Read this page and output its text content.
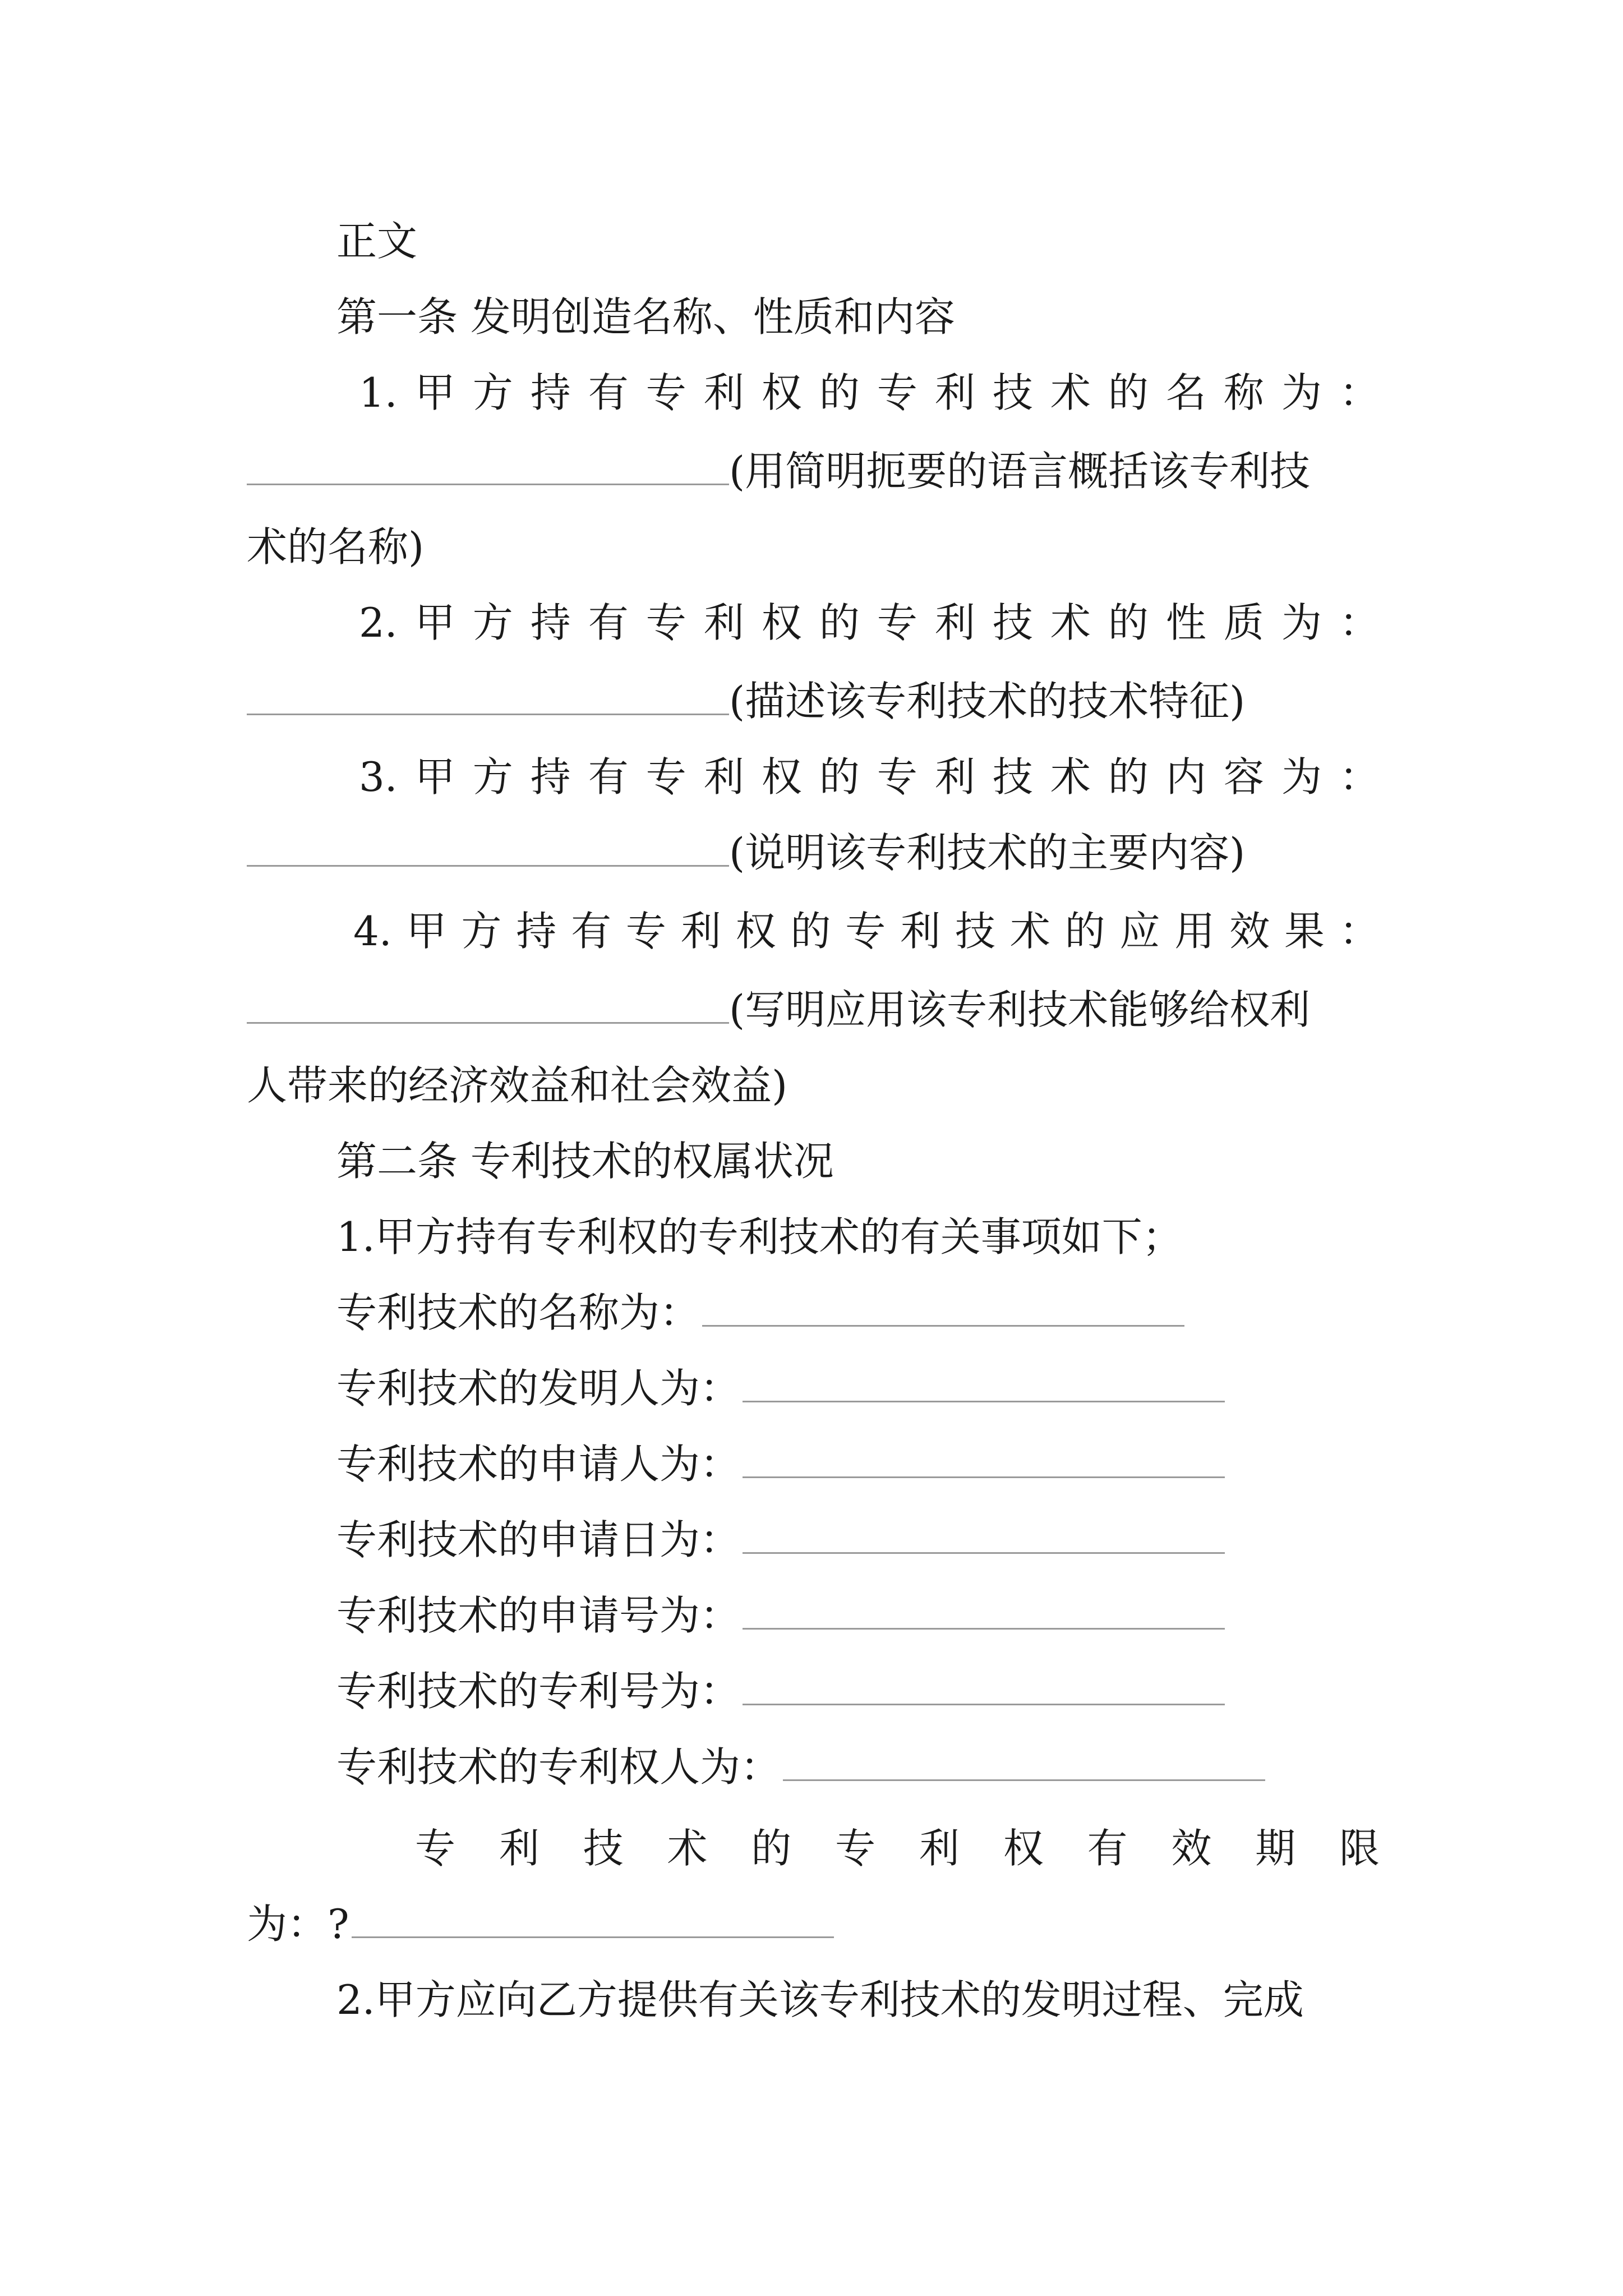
正文
第一条 发明创造名称、性质和内容
1. 甲 方 持 有 专 利 权 的 专 利 技 术 的 名 称 为 ：
(用简明扼要的语言概括该专利技
术的名称)
2. 甲 方 持 有 专 利 权 的 专 利 技 术 的 性 质 为 ：
(描述该专利技术的技术特征)
3. 甲 方 持 有 专 利 权 的 专 利 技 术 的 内 容 为 ：
(说明该专利技术的主要内容)
4. 甲 方 持 有 专 利 权 的 专 利 技 术 的 应 用 效 果 ：
(写明应用该专利技术能够给权利
人带来的经济效益和社会效益)
第二条 专利技术的权属状况
1.甲方持有专利权的专利技术的有关事项如下；
专利技术的名称为：
专利技术的发明人为：
专利技术的申请人为：
专利技术的申请日为：
专利技术的申请号为：
专利技术的专利号为：
专利技术的专利权人为：
专 利 技 术 的 专 利 权 有 效 期 限
为：?
2.甲方应向乙方提供有关该专利技术的发明过程、完成
